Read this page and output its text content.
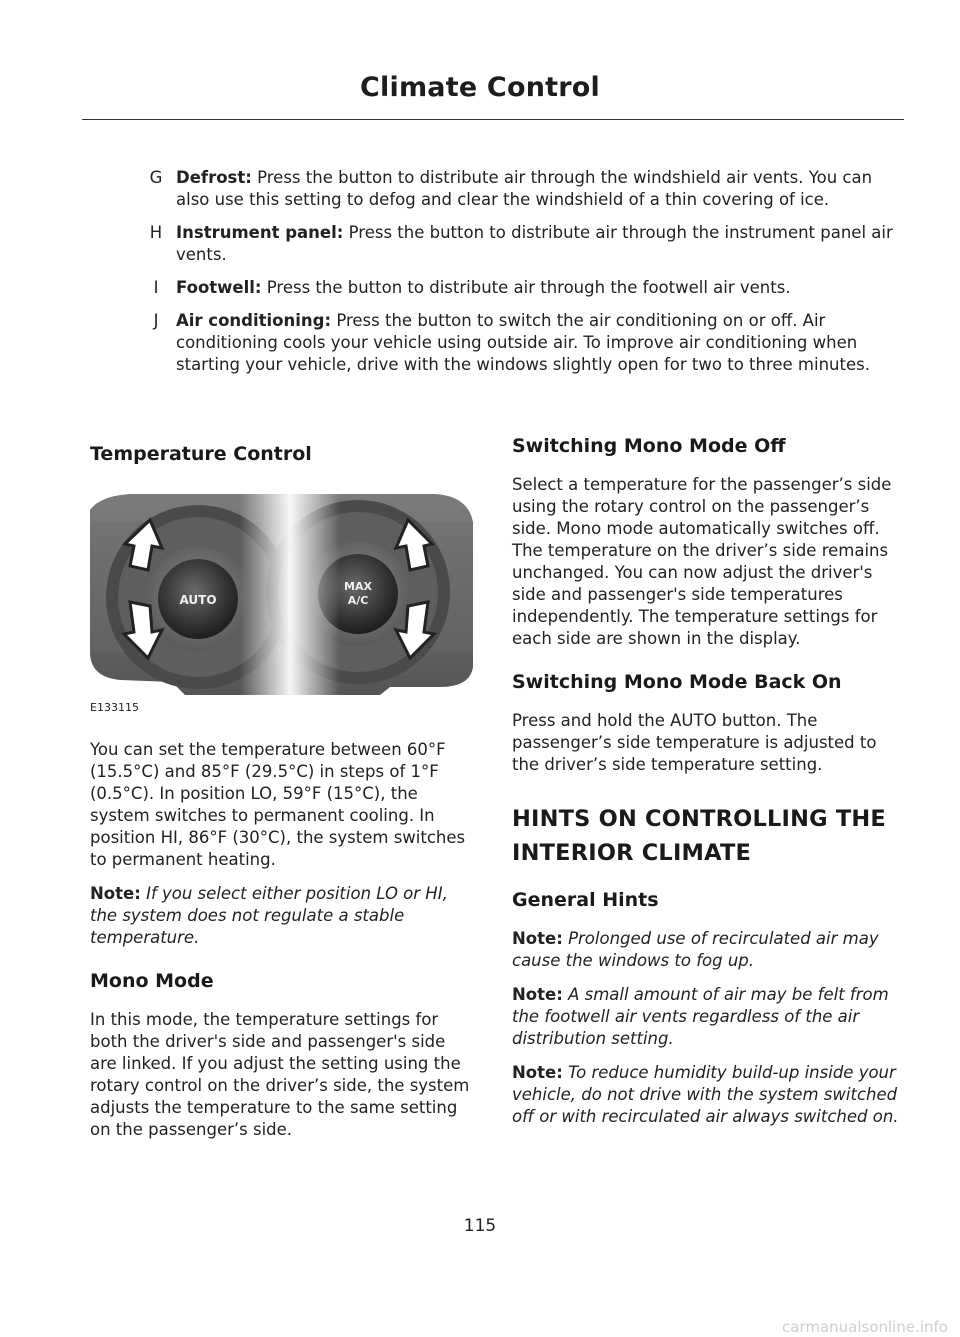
Climate Control
G Defrost: Press the button to distribute air through the windshield air vents. You can also use this setting to defog and clear the windshield of a thin covering of ice.
H Instrument panel: Press the button to distribute air through the instrument panel air vents.
I	Footwell: Press the button to distribute air through the footwell air vents.
J	Air conditioning: Press the button to switch the air conditioning on or off. Air conditioning cools your vehicle using outside air. To improve air conditioning when starting your vehicle, drive with the windows slightly open for two to three minutes.
Temperature Control
AUTO
MAX
A/C
E133115

You can set the temperature between 60°F (15.5°C) and 85°F (29.5°C) in steps of 1°F (0.5°C). In position LO, 59°F (15°C), the system switches to permanent cooling. In position HI, 86°F (30°C), the system switches to permanent heating.

Note: If you select either position LO or HI, the system does not regulate a stable temperature.

Mono Mode

In this mode, the temperature settings for both the driver's side and passenger's side are linked. If you adjust the setting using the rotary control on the driver’s side, the system adjusts the temperature to the same setting on the passenger’s side.

Switching Mono Mode Off

Select a temperature for the passenger’s side using the rotary control on the passenger’s side. Mono mode automatically switches off. The temperature on the driver’s side remains unchanged. You can now adjust the driver's side and passenger's side temperatures independently. The temperature settings for each side are shown in the display.

Switching Mono Mode Back On

Press and hold the AUTO button. The passenger’s side temperature is adjusted to the driver’s side temperature setting.

HINTS ON CONTROLLING THE
INTERIOR CLIMATE
General Hints

Note: Prolonged use of recirculated air may cause the windows to fog up.

Note: A small amount of air may be felt from the footwell air vents regardless of the air distribution setting.

Note: To reduce humidity build-up inside your vehicle, do not drive with the system switched off or with recirculated air always switched on.

115
carmanualsonline.info
